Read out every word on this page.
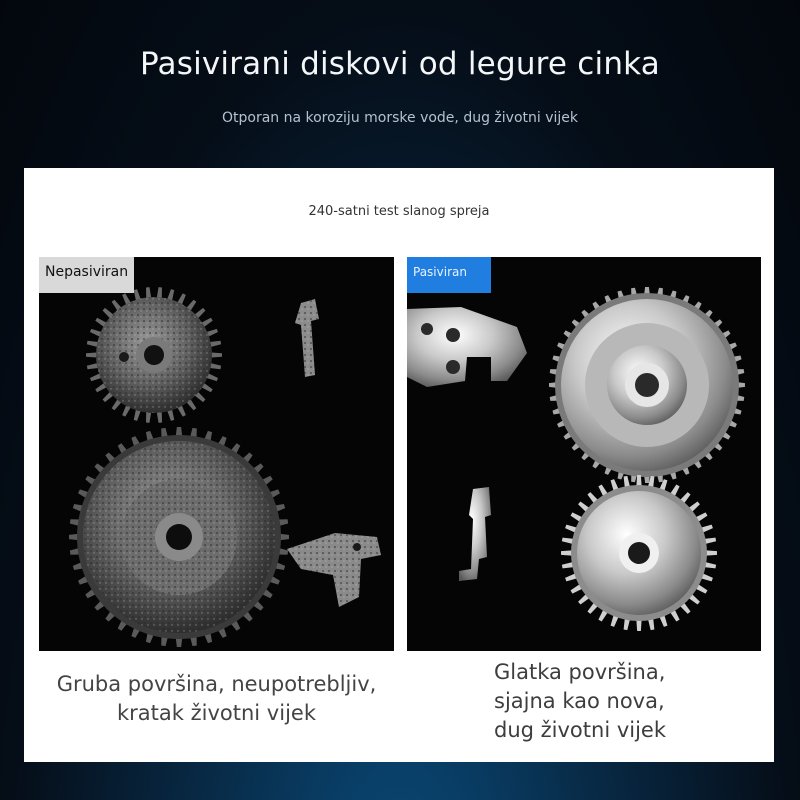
Pasivirani diskovi od legure cinka
Otporan na koroziju morske vode, dug životni vijek
240-satni test slanog spreja
Nepasiviran	Pasiviran
Gruba površina, neupotrebljiv,
kratak životni vijek
Glatka površina,
sjajna kao nova,
dug životni vijek
